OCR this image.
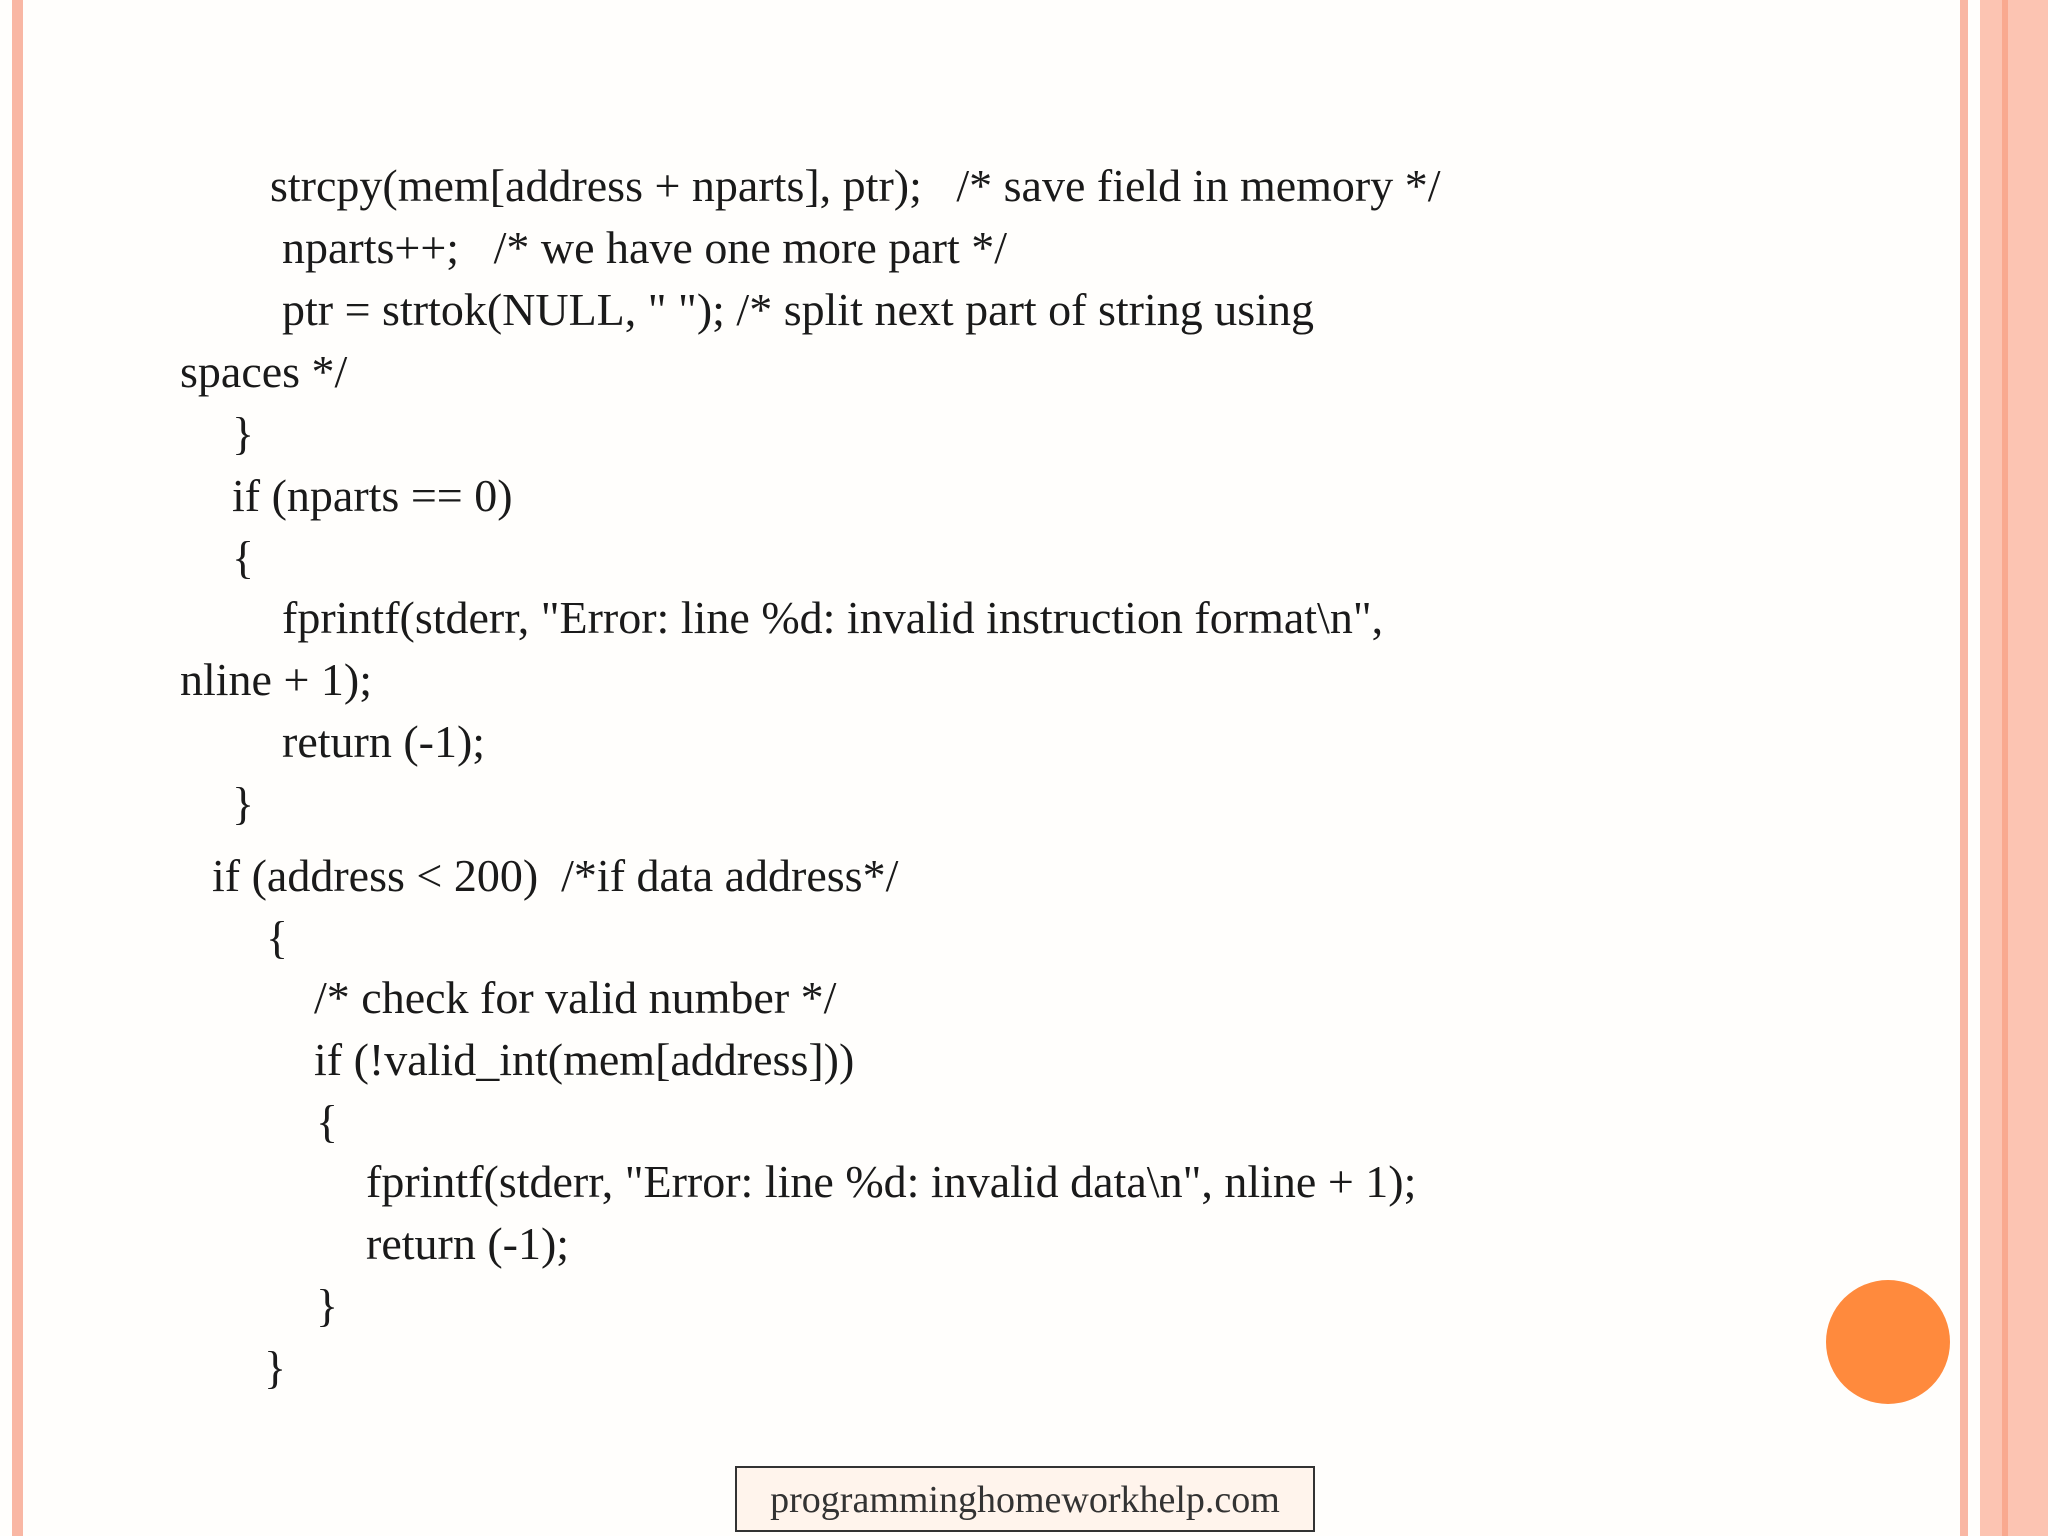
strcpy(mem[address + nparts], ptr);   /* save field in memory */
nparts++;   /* we have one more part */
ptr = strtok(NULL, " "); /* split next part of string using
spaces */
}
if (nparts == 0)
{
fprintf(stderr, "Error: line %d: invalid instruction format\n",
nline + 1);
return (-1);
}
if (address < 200)  /*if data address*/
{
/* check for valid number */
if (!valid_int(mem[address]))
{
fprintf(stderr, "Error: line %d: invalid data\n", nline + 1);
return (-1);
}
}
programminghomeworkhelp.com
